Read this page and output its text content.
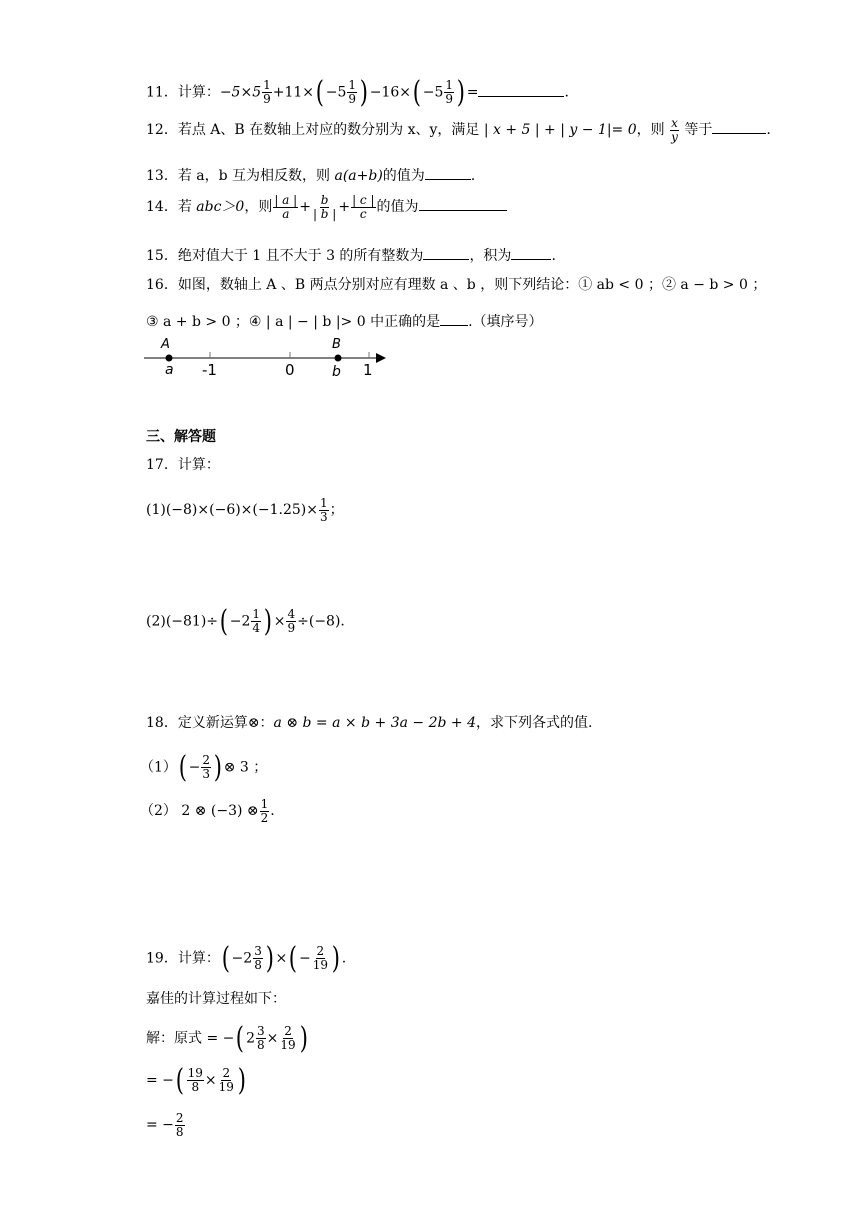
11．计算：$-5\times 5 \frac{1}{9} +11\times( -5 \frac{1}{9}$ ) $-16\times( -5 \frac{1}{9}$ ) =	.
12．若点 A、B 在数轴上对应的数分别为 x、y，满足 | x + 5 | + | y − 1|= 0，则 $\frac{x}{y}$ 等于	.
13．若 a，b 互为相反数，则 a(a+b)的值为	.
14．若 abc＞0，则 $\frac{| a |}{a} + \frac{b}{| b |} + \frac{| c |}{c}$ 的值为
15．绝对值大于 1 且不大于 3 的所有整数为	，积为	.
16．如图，数轴上 A 、B 两点分别对应有理数 a 、b ，则下列结论：① ab < 0 ；② a − b > 0 ；
③ a + b > 0 ；④ | a | − | b |> 0 中正确的是 .（填序号）
A	B
a	b
-1	0	1
三、解答题
17．计算：
$(1)(-8)\times(-6)\times(-1.25)\times \frac{1}{3}$ ；
$(2)(-81)\div( -2 \frac{1}{4}$ ) × $\frac{4}{9} \div(-8)$.
18．定义新运算⊗：a ⊗ b = a × b + 3a − 2b + 4，求下列各式的值.
$(1)( - \frac{2}{3}$ ) ⊗ 3 ；
（2） 2 ⊗ (−3) ⊗ $\frac{1}{2}$ .
19．计算：( $-2 \frac{3}{8}$ ) ×( − $\frac{2}{19}$ ) .
嘉佳的计算过程如下：
解：原式 = −( $2 \frac{3}{8} \times \frac{2}{19}$ )
= −( $\frac{19}{8} \times \frac{2}{19}$ )
= − $\frac{2}{8}$
